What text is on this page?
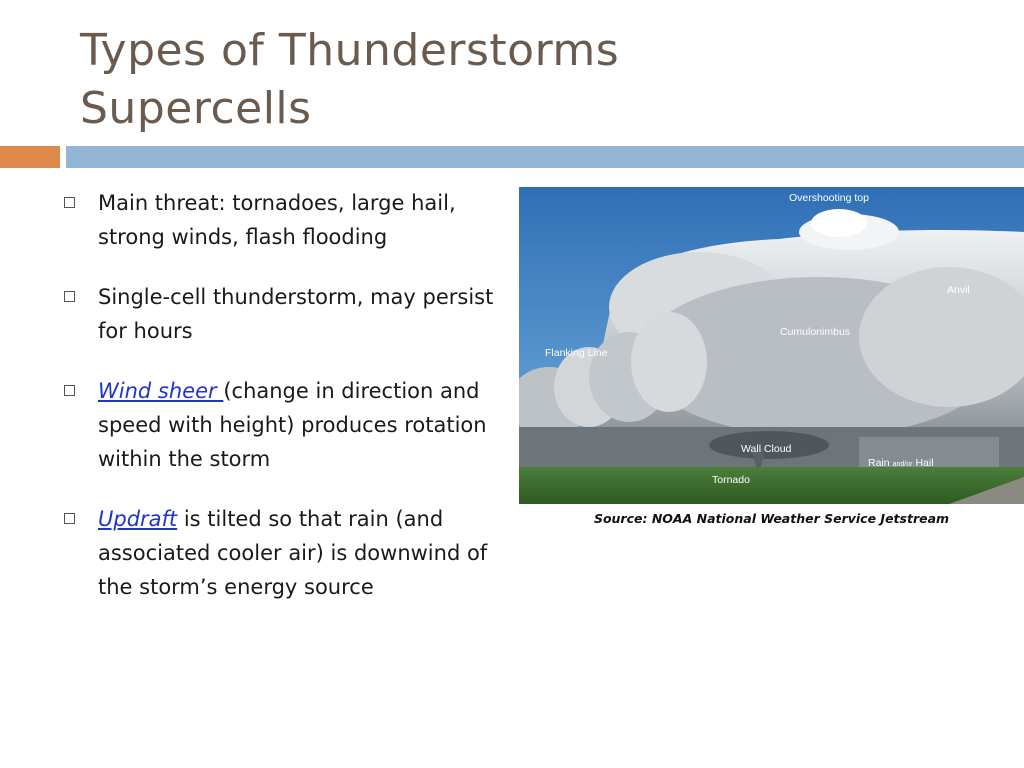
Types of Thunderstorms
Supercells
Main threat: tornadoes, large hail, strong winds, flash flooding
Single-cell thunderstorm, may persist for hours
Wind sheer (change in direction and speed with height) produces rotation within the storm
Updraft is tilted so that rain (and associated cooler air) is downwind of the storm’s energy source
Overshooting top
Anvil
Cumulonimbus
Flanking Line
Wall Cloud
Rain and/or Hail
Tornado
Source: NOAA National Weather Service Jetstream
